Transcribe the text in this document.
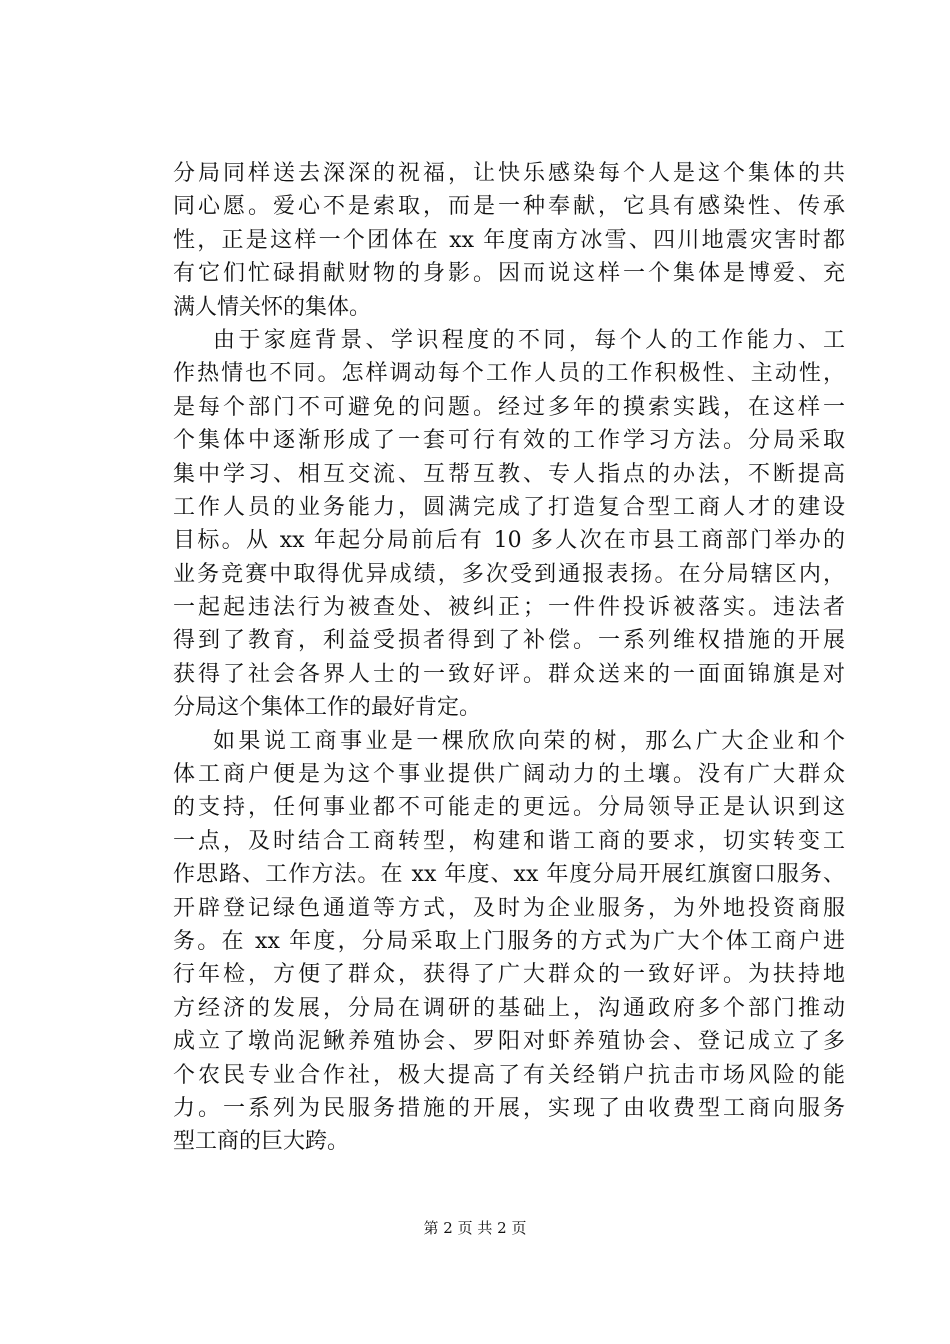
分局同样送去深深的祝福，让快乐感染每个人是这个集体的共
同心愿。爱心不是索取，而是一种奉献，它具有感染性、传承
性，正是这样一个团体在 xx 年度南方冰雪、四川地震灾害时都
有它们忙碌捐献财物的身影。因而说这样一个集体是博爱、充
满人情关怀的集体。
由于家庭背景、学识程度的不同，每个人的工作能力、工
作热情也不同。怎样调动每个工作人员的工作积极性、主动性，
是每个部门不可避免的问题。经过多年的摸索实践，在这样一
个集体中逐渐形成了一套可行有效的工作学习方法。分局采取
集中学习、相互交流、互帮互教、专人指点的办法，不断提高
工作人员的业务能力，圆满完成了打造复合型工商人才的建设
目标。从 xx 年起分局前后有 10 多人次在市县工商部门举办的
业务竞赛中取得优异成绩，多次受到通报表扬。在分局辖区内，
一起起违法行为被查处、被纠正；一件件投诉被落实。违法者
得到了教育，利益受损者得到了补偿。一系列维权措施的开展
获得了社会各界人士的一致好评。群众送来的一面面锦旗是对
分局这个集体工作的最好肯定。
如果说工商事业是一棵欣欣向荣的树，那么广大企业和个
体工商户便是为这个事业提供广阔动力的土壤。没有广大群众
的支持，任何事业都不可能走的更远。分局领导正是认识到这
一点，及时结合工商转型，构建和谐工商的要求，切实转变工
作思路、工作方法。在 xx 年度、xx 年度分局开展红旗窗口服务、
开辟登记绿色通道等方式，及时为企业服务，为外地投资商服
务。在 xx 年度，分局采取上门服务的方式为广大个体工商户进
行年检，方便了群众，获得了广大群众的一致好评。为扶持地
方经济的发展，分局在调研的基础上，沟通政府多个部门推动
成立了墩尚泥鳅养殖协会、罗阳对虾养殖协会、登记成立了多
个农民专业合作社，极大提高了有关经销户抗击市场风险的能
力。一系列为民服务措施的开展，实现了由收费型工商向服务
型工商的巨大跨。
第 2 页 共 2 页
